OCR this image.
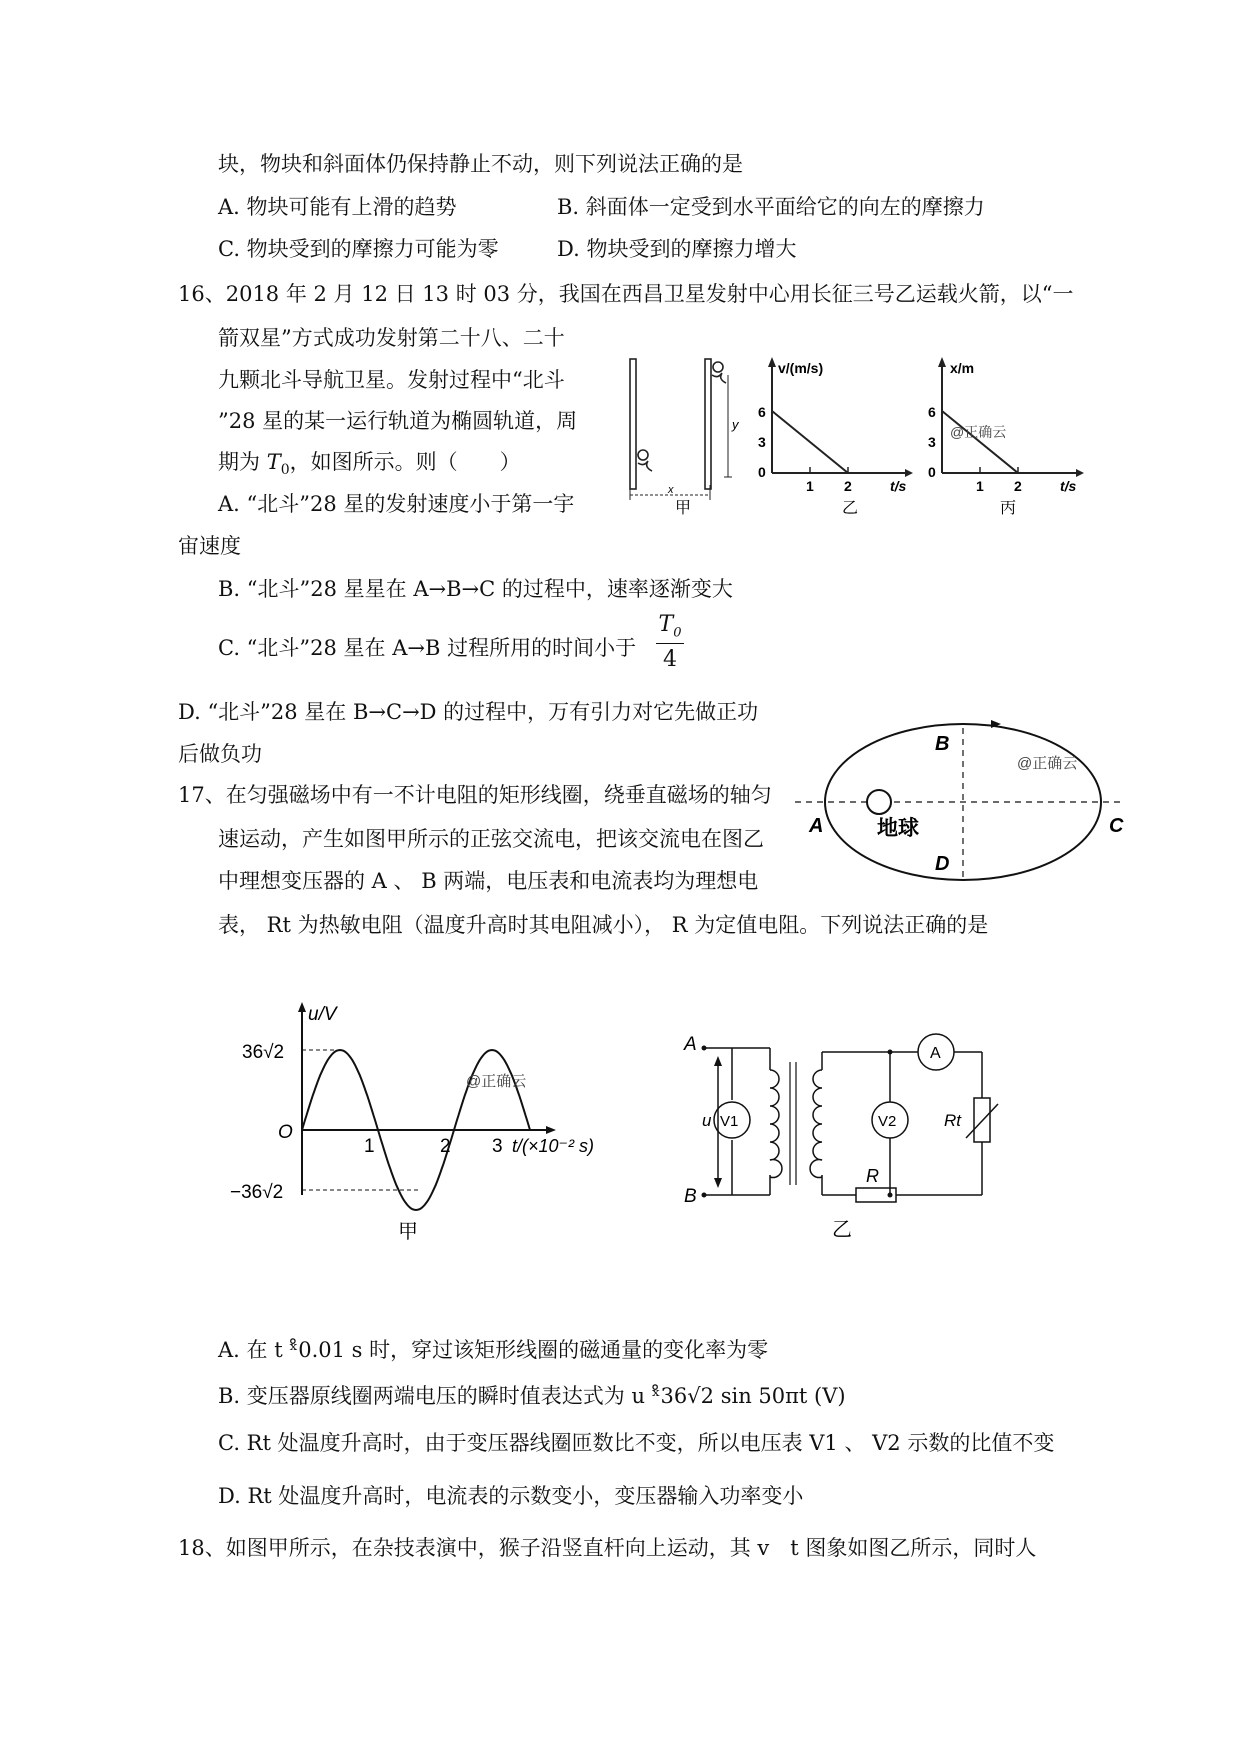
块，物块和斜面体仍保持静止不动，则下列说法正确的是
A. 物块可能有上滑的趋势	B. 斜面体一定受到水平面给它的向左的摩擦力
C. 物块受到的摩擦力可能为零	D. 物块受到的摩擦力增大
16、2018 年 2 月 12 日 13 时 03 分，我国在西昌卫星发射中心用长征三号乙运载火箭，以“一
箭双星”方式成功发射第二十八、二十
九颗北斗导航卫星。发射过程中“北斗
”28 星的某一运行轨道为椭圆轨道，周
期为 $T_0$，如图所示。则（　　）
A. “北斗”28 星的发射速度小于第一宇
宙速度
B. “北斗”28 星星在 A→B→C 的过程中，速率逐渐变大
C. “北斗”28 星在 A→B 过程所用的时间小于
$T_0$
4
D. “北斗”28 星在 B→C→D 的过程中，万有引力对它先做正功
后做负功
x
y
甲
v/(m/s)
6
3
0
1 2	t/s
乙
x/m
6
3
0
1 2	t/s
@正确云
丙
A
B
C
D
地球
@正确云
17、在匀强磁场中有一不计电阻的矩形线圈，绕垂直磁场的轴匀
速运动，产生如图甲所示的正弦交流电，把该交流电在图乙
中理想变压器的 A 、 B 两端，电压表和电流表均为理想电
表， Rt 为热敏电阻（温度升高时其电阻减小）， R 为定值电阻。下列说法正确的是
u/V
36√2
−36√2
O
1	2 3 t/(×10⁻² s)
@正确云
甲
A
B
u V1	V2
A
R
Rt
乙
A. 在 t ˣ̊0.01 s 时，穿过该矩形线圈的磁通量的变化率为零
B. 变压器原线圈两端电压的瞬时值表达式为 u ˣ̊36√2 sin 50πt (V)
C. Rt 处温度升高时，由于变压器线圈匝数比不变，所以电压表 V1 、 V2 示数的比值不变
D. Rt 处温度升高时，电流表的示数变小，变压器输入功率变小
18、如图甲所示，在杂技表演中，猴子沿竖直杆向上运动，其 v　t 图象如图乙所示，同时人
